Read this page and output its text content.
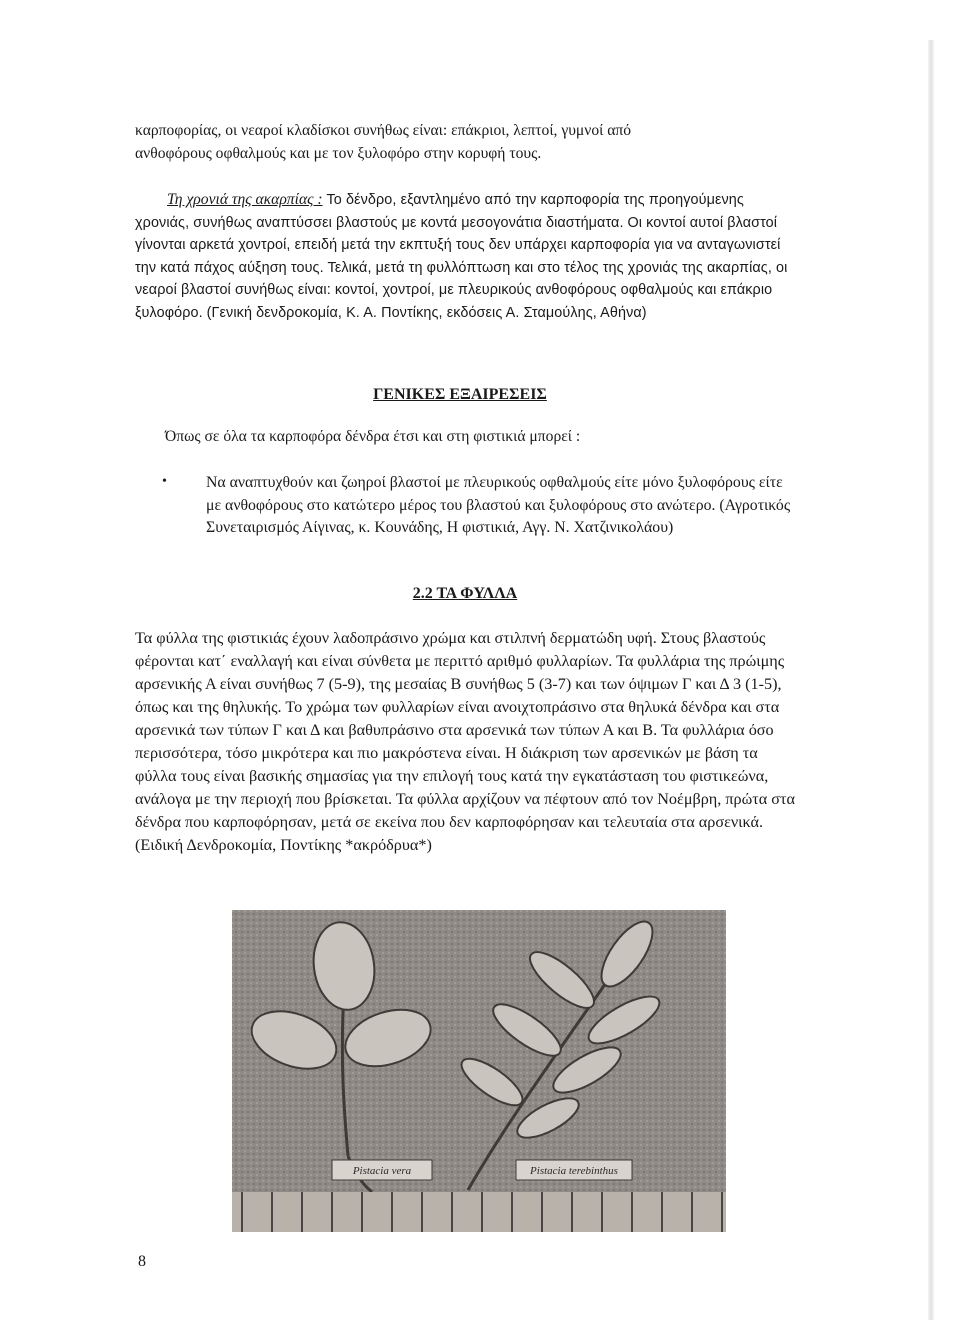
καρποφορίας, οι νεαροί κλαδίσκοι συνήθως είναι: επάκριοι, λεπτοί, γυμνοί από
ανθοφόρους οφθαλμούς και με τον ξυλοφόρο στην κορυφή τους.

Τη χρονιά της ακαρπίας : Το δένδρο, εξαντλημένο από την καρποφορία της προηγούμενης χρονιάς, συνήθως αναπτύσσει βλαστούς με κοντά μεσογονάτια διαστήματα. Οι κοντοί αυτοί βλαστοί γίνονται αρκετά χοντροί, επειδή μετά την εκπτυξή τους δεν υπάρχει καρποφορία για να ανταγωνιστεί την κατά πάχος αύξηση τους. Τελικά, μετά τη φυλλόπτωση και στο τέλος της χρονιάς της ακαρπίας, οι νεαροί βλαστοί συνήθως είναι: κοντοί, χοντροί, με πλευρικούς ανθοφόρους οφθαλμούς και επάκριο ξυλοφόρο. (Γενική δενδροκομία, Κ. Α. Ποντίκης, εκδόσεις Α. Σταμούλης, Αθήνα)

ΓΕΝΙΚΕΣ ΕΞΑΙΡΕΣΕΙΣ

Όπως σε όλα τα καρποφόρα δένδρα έτσι και στη φιστικιά μπορεί :

• Να αναπτυχθούν και ζωηροί βλαστοί με πλευρικούς οφθαλμούς είτε μόνο ξυλοφόρους είτε με ανθοφόρους στο κατώτερο μέρος του βλαστού και ξυλοφόρους στο ανώτερο. (Αγροτικός Συνεταιρισμός Αίγινας, κ. Κουνάδης, Η φιστικιά, Αγγ. Ν. Χατζινικολάου)

2.2 ΤΑ ΦΥΛΛΑ

Τα φύλλα της φιστικιάς έχουν λαδοπράσινο χρώμα και στιλπνή δερματώδη υφή. Στους βλαστούς φέρονται κατ΄ εναλλαγή και είναι σύνθετα με περιττό αριθμό φυλλαρίων. Τα φυλλάρια της πρώιμης αρσενικής Α είναι συνήθως 7 (5-9), της μεσαίας Β συνήθως 5 (3-7) και των όψιμων Γ και Δ 3 (1-5), όπως και της θηλυκής. Το χρώμα των φυλλαρίων είναι ανοιχτοπράσινο στα θηλυκά δένδρα και στα αρσενικά των τύπων Γ και Δ και βαθυπράσινο στα αρσενικά των τύπων Α και Β. Τα φυλλάρια όσο περισσότερα, τόσο μικρότερα και πιο μακρόστενα είναι. Η διάκριση των αρσενικών με βάση τα φύλλα τους είναι βασικής σημασίας για την επιλογή τους κατά την εγκατάσταση του φιστικεώνα, ανάλογα με την περιοχή που βρίσκεται. Τα φύλλα αρχίζουν να πέφτουν από τον Νοέμβρη, πρώτα στα δένδρα που καρποφόρησαν, μετά σε εκείνα που δεν καρποφόρησαν και τελευταία στα αρσενικά. (Ειδική Δενδροκομία, Ποντίκης *ακρόδρυα*)

Pistacia vera	Pistacia terebinthus

8
